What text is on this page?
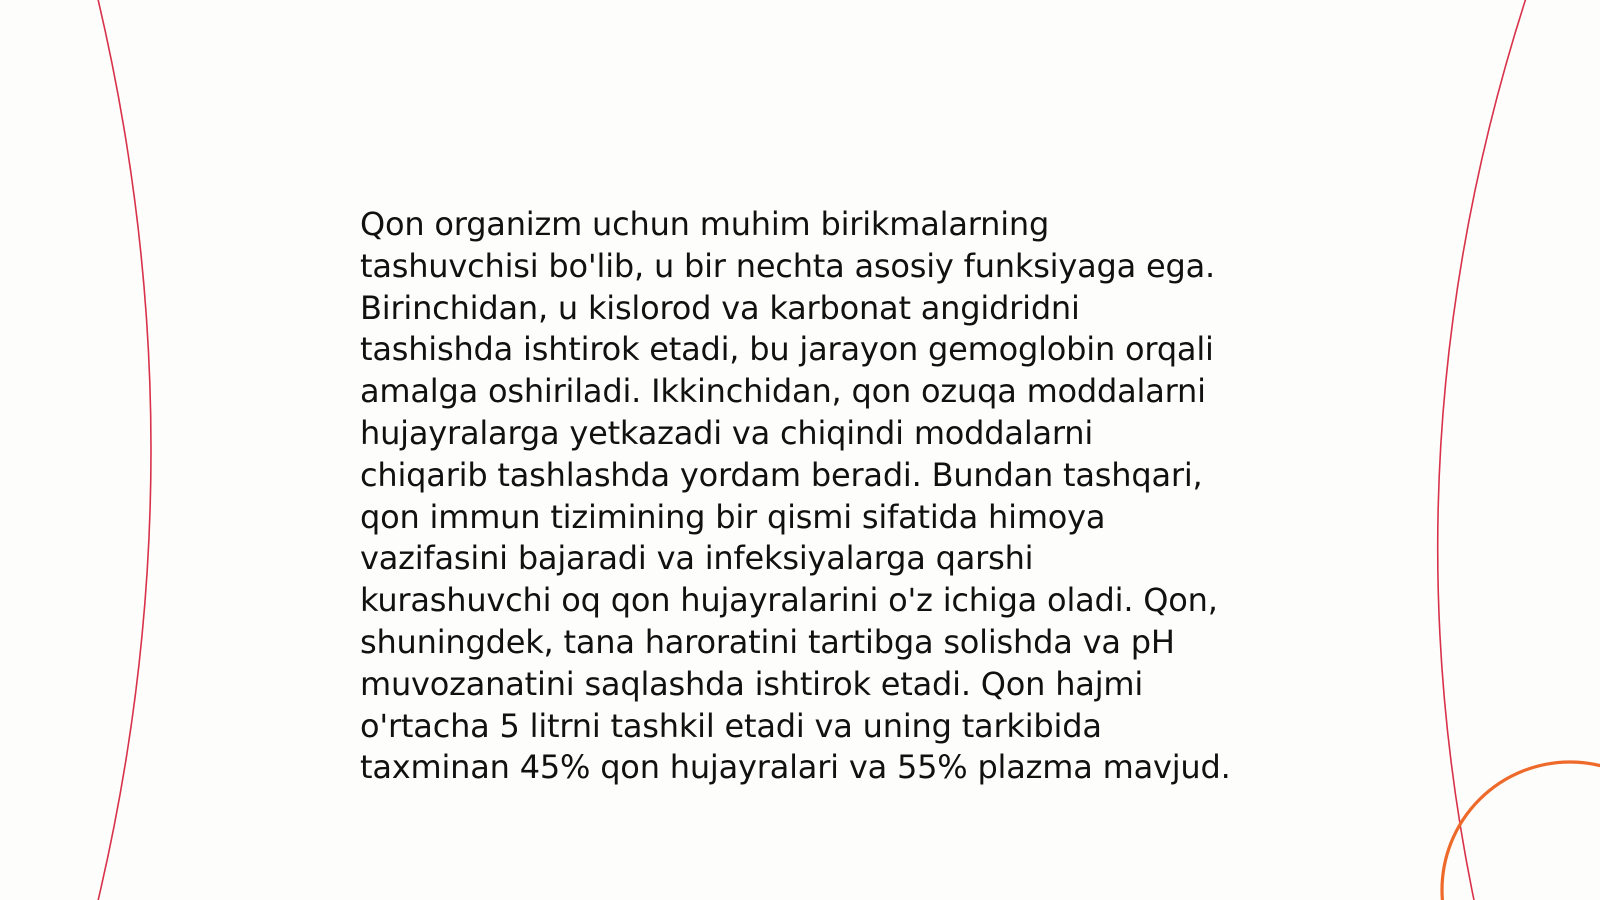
Qon organizm uchun muhim birikmalarning
tashuvchisi bo'lib, u bir nechta asosiy funksiyaga ega.
Birinchidan, u kislorod va karbonat angidridni
tashishda ishtirok etadi, bu jarayon gemoglobin orqali
amalga oshiriladi. Ikkinchidan, qon ozuqa moddalarni
hujayralarga yetkazadi va chiqindi moddalarni
chiqarib tashlashda yordam beradi. Bundan tashqari,
qon immun tizimining bir qismi sifatida himoya
vazifasini bajaradi va infeksiyalarga qarshi
kurashuvchi oq qon hujayralarini o'z ichiga oladi. Qon,
shuningdek, tana haroratini tartibga solishda va pH
muvozanatini saqlashda ishtirok etadi. Qon hajmi
o'rtacha 5 litrni tashkil etadi va uning tarkibida
taxminan 45% qon hujayralari va 55% plazma mavjud.
